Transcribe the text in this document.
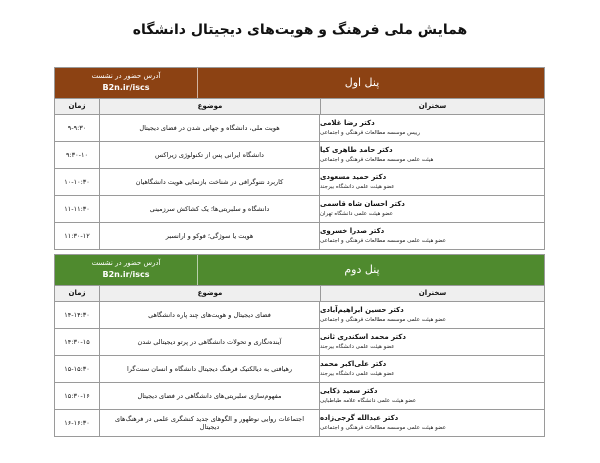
همایش ملی فرهنگ و هویت‌های دیجیتال دانشگاه
پنل اول
آدرس حضور در نشست
B2n.ir/iscs
زمان	موضوع	سخنران
۹-۹:۳۰	هویت ملی، دانشگاه و جهانی شدن در فضای دیجیتال
دکتر رضا غلامی
رییس موسسه مطالعات فرهنگی و اجتماعی
۹:۳۰-۱۰	دانشگاه ایرانی پس از تکنولوژی زیراکس
دکتر حامد طاهری کیا
هیئت علمی موسسه مطالعات فرهنگی و اجتماعی
۱۰-۱۰:۳۰	کاربرد نتنوگرافی در شناخت بازنمایی هویت دانشگاهیان
دکتر حمید مسعودی
عضو هیئت علمی دانشگاه بیرجند
۱۱-۱۱:۳۰	دانشگاه و سلبریتی‌ها؛ یک کشاکش سرزمینی
دکتر احسان شاه قاسمی
عضو هیئت علمی دانشگاه تهران
۱۱:۳۰-۱۲	هویت یا سوژگی؛ فوکو و ارانسبر
دکتر صدرا خسروی
عضو هیئت علمی موسسه مطالعات فرهنگی و اجتماعی
پنل دوم
آدرس حضور در نشست
B2n.ir/iscs
زمان	موضوع	سخنران
۱۴-۱۴:۳۰	فضای دیجیتال و هویت‌های چند پاره دانشگاهی
دکتر حسین ابراهیم‌آبادی
عضو هیئت علمی موسسه مطالعات فرهنگی و اجتماعی
۱۴:۳۰-۱۵	آینده‌نگاری و تحولات دانشگاهی در پرتو دیجیتالی شدن
دکتر محمد اسکندری ثانی
عضو هیئت علمی دانشگاه بیرجند
۱۵-۱۵:۳۰	رهیافتی به دیالکتیک فرهنگ دیجیتال دانشگاه و انسان سنت‌گرا
دکتر علی‌اکبر محمد
عضو هیئت علمی دانشگاه بیرجند
۱۵:۳۰-۱۶	مفهوم‌سازی سلبریتی‌های دانشگاهی در فضای دیجیتال
دکتر سعید ذکایی
عضو هیئت علمی دانشگاه علامه طباطبایی
۱۶-۱۶:۳۰	اجتماعات روایی نوظهور و الگوهای جدید کنشگری علمی در فرهنگ‌های دیجیتال
دکتر عبدالله گرجی‌زاده
عضو هیئت علمی موسسه مطالعات فرهنگی و اجتماعی
